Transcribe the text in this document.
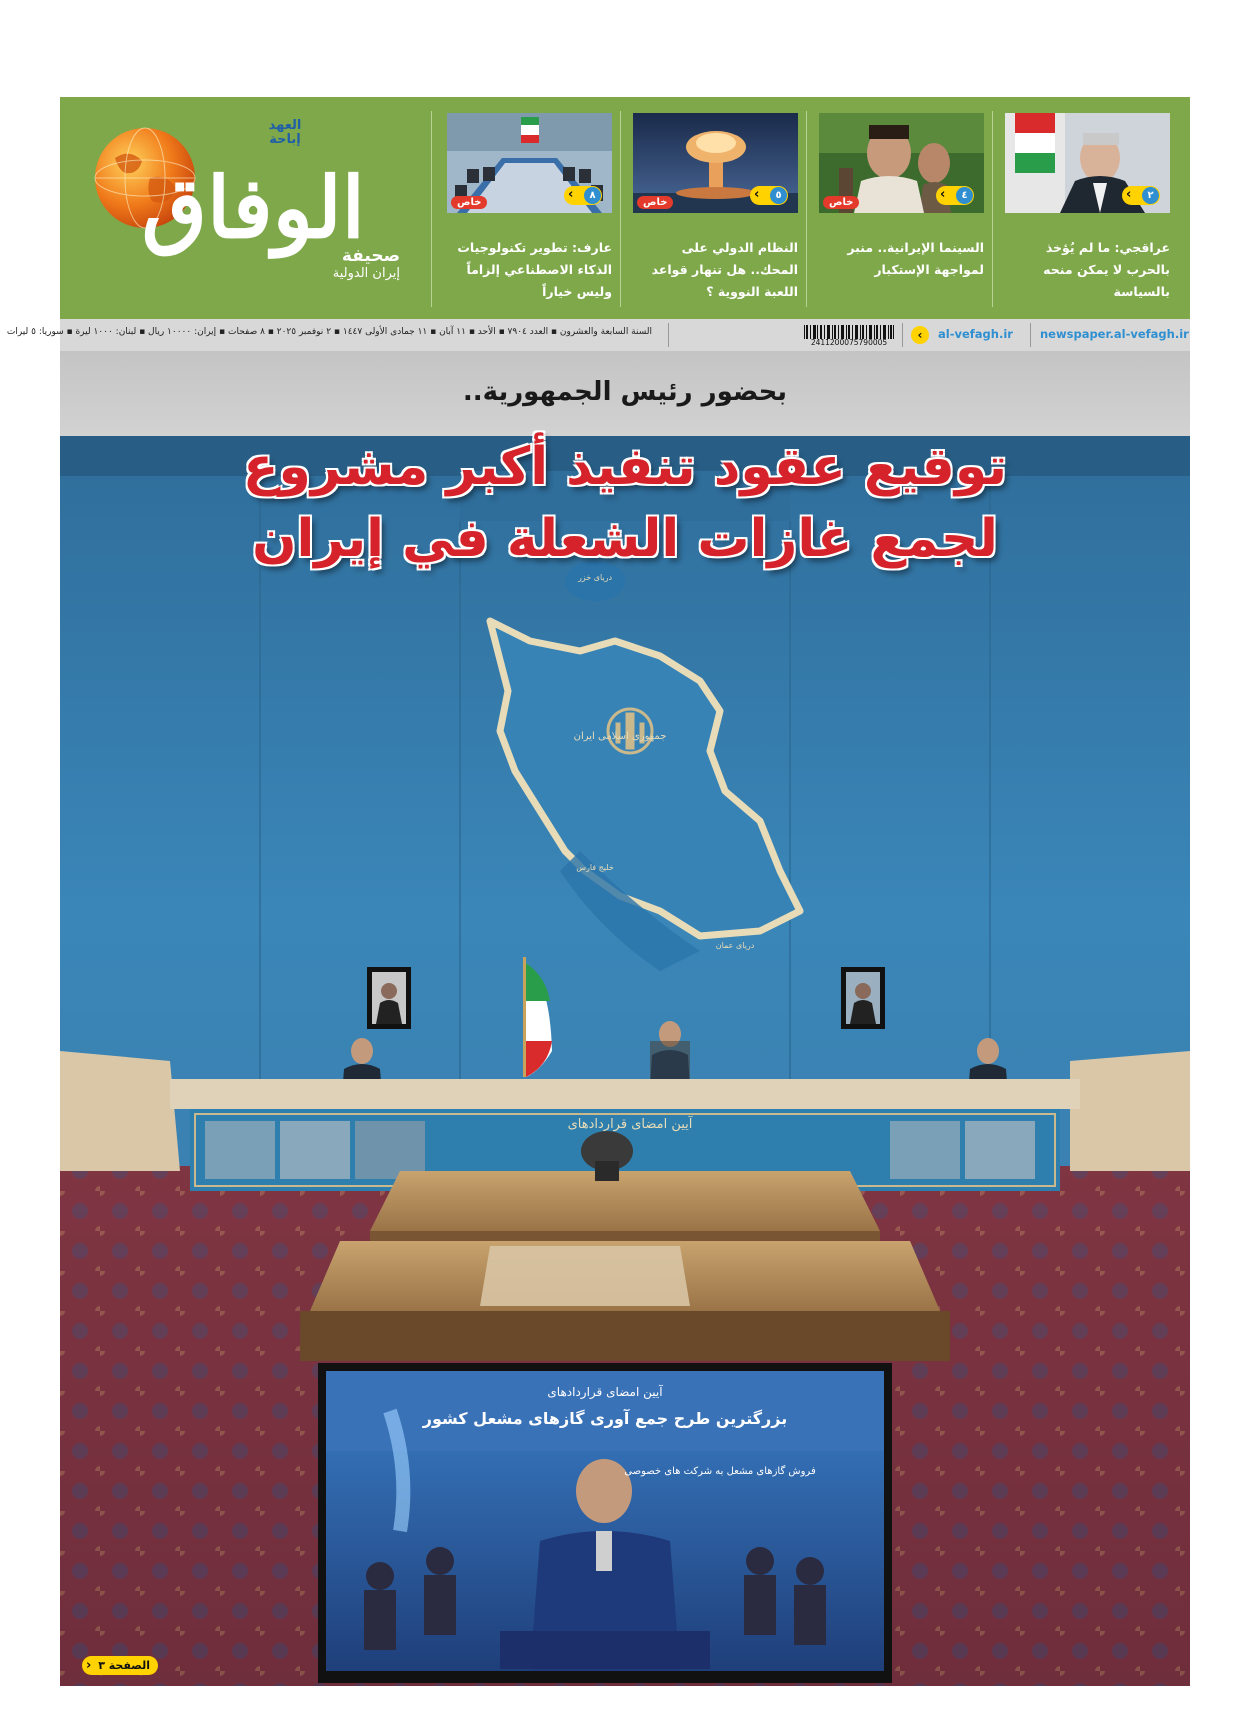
‹	٢
عراقجي: ما لم يُؤخذ بالحرب لا يمكن منحه بالسياسة
‹	٤
خاص
السينما الإيرانية.. منبر لمواجهة الإستكبار
‹	٥
خاص
النظام الدولي على المحك.. هل تنهار قواعد اللعبة النووية ؟
‹	٨
خاص
عارف: تطوير تكنولوجيات الذكاء الاصطناعي إلزاماً وليس خياراً
الوفاق
العهد إباحة
صحيفة
إيران الدولية
السنة السابعة والعشرون ▪ العدد ٧٩٠٤ ▪ الأحد ▪ ١١ آبان ▪ ١١ جمادى الأولى ١٤٤٧ ▪ ٢ نوفمبر ٢٠٢٥ ▪ ٨ صفحات ▪ إيران: ١٠٠٠٠ ريال ▪ لبنان: ١٠٠٠ ليرة ▪ سوريا: ٥ ليرات
2411200075790005
‹	al-vefagh.ir newspaper.al-vefagh.ir
آیین امضای قراردادهای
جمهوری اسلامی ایران
دریای خزر
خلیج فارس
دریای عمان
آیین امضای قراردادهای
بزرگترین طرح جمع آوری گازهای مشعل کشور
فروش گازهای مشعل به شرکت های خصوصی
بحضور رئيس الجمهورية..
توقيع عقود تنفيذ أكبر مشروع
لجمع غازات الشعلة في إيران
الصفحة ٣
‹
